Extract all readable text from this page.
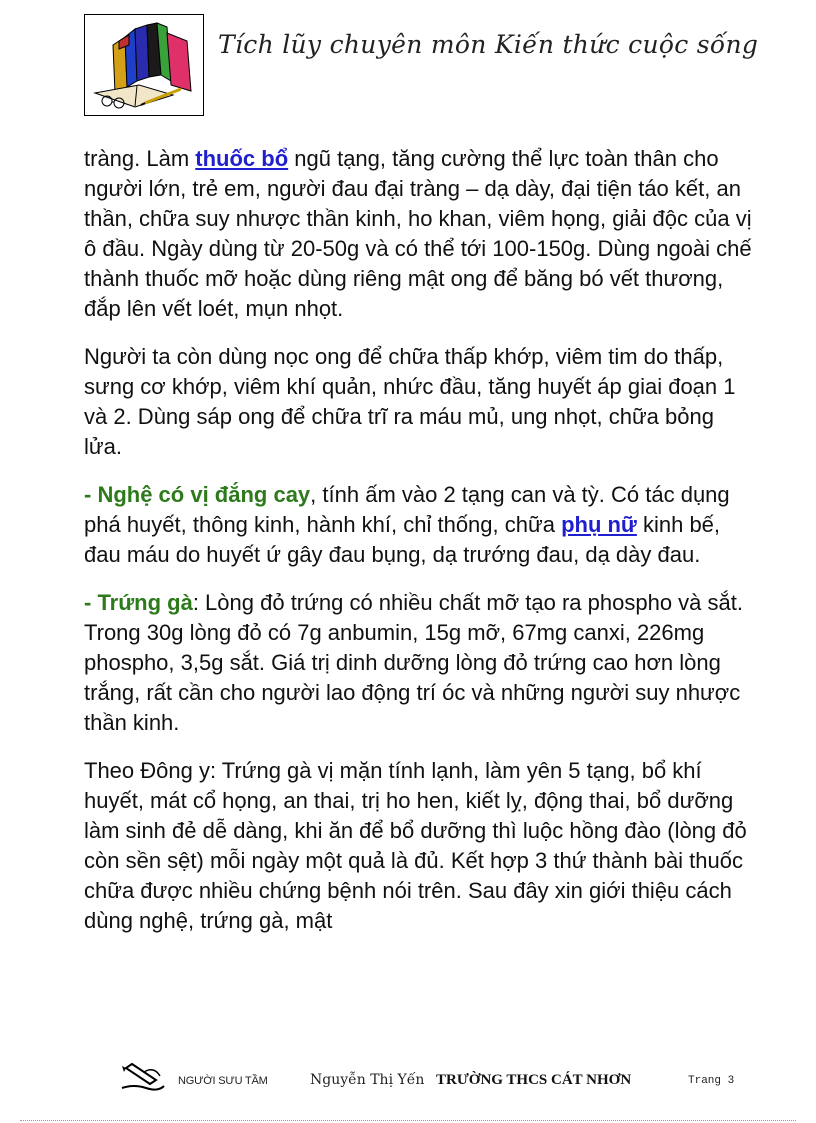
Tích lũy chuyên môn Kiến thức cuộc sống

tràng. Làm thuốc bổ ngũ tạng, tăng cường thể lực toàn thân cho người lớn, trẻ em, người đau đại tràng – dạ dày, đại tiện táo kết, an thần, chữa suy nhược thần kinh, ho khan, viêm họng, giải độc của vị ô đầu. Ngày dùng từ 20-50g và có thể tới 100-150g. Dùng ngoài chế thành thuốc mỡ hoặc dùng riêng mật ong để băng bó vết thương, đắp lên vết loét, mụn nhọt.

Người ta còn dùng nọc ong để chữa thấp khớp, viêm tim do thấp, sưng cơ khớp, viêm khí quản, nhức đầu, tăng huyết áp giai đoạn 1 và 2. Dùng sáp ong để chữa trĩ ra máu mủ, ung nhọt, chữa bỏng lửa.

- Nghệ có vị đắng cay, tính ấm vào 2 tạng can và tỳ. Có tác dụng phá huyết, thông kinh, hành khí, chỉ thống, chữa phụ nữ kinh bế, đau máu do huyết ứ gây đau bụng, dạ trướng đau, dạ dày đau.

- Trứng gà: Lòng đỏ trứng có nhiều chất mỡ tạo ra phospho và sắt. Trong 30g lòng đỏ có 7g anbumin, 15g mỡ, 67mg canxi, 226mg phospho, 3,5g sắt. Giá trị dinh dưỡng lòng đỏ trứng cao hơn lòng trắng, rất cần cho người lao động trí óc và những người suy nhược thần kinh.

Theo Đông y: Trứng gà vị mặn tính lạnh, làm yên 5 tạng, bổ khí huyết, mát cổ họng, an thai, trị ho hen, kiết lỵ, động thai, bổ dưỡng làm sinh đẻ dễ dàng, khi ăn để bổ dưỡng thì luộc hồng đào (lòng đỏ còn sền sệt) mỗi ngày một quả là đủ. Kết hợp 3 thứ thành bài thuốc chữa được nhiều chứng bệnh nói trên. Sau đây xin giới thiệu cách dùng nghệ, trứng gà, mật

NGƯỜI SƯU TẦM	Nguyễn Thị Yến TRƯỜNG THCS CÁT NHƠN	Trang 3
